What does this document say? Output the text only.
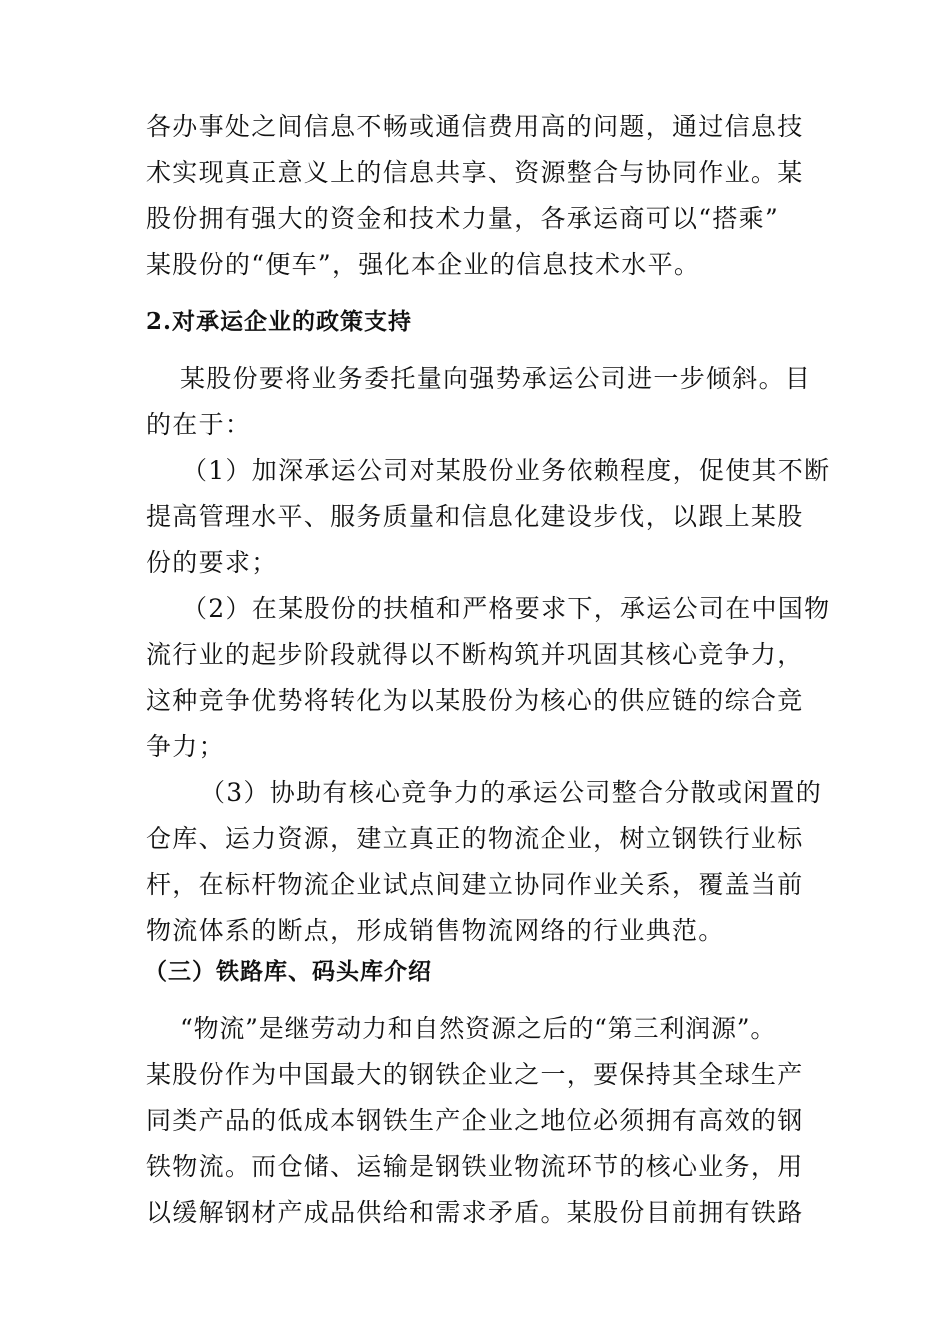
各办事处之间信息不畅或通信费用高的问题，通过信息技
术实现真正意义上的信息共享、资源整合与协同作业。某
股份拥有强大的资金和技术力量，各承运商可以“搭乘”
某股份的“便车”，强化本企业的信息技术水平。
2.对承运企业的政策支持
某股份要将业务委托量向强势承运公司进一步倾斜。目
的在于：
（1）加深承运公司对某股份业务依赖程度，促使其不断
提高管理水平、服务质量和信息化建设步伐，以跟上某股
份的要求；
（2）在某股份的扶植和严格要求下，承运公司在中国物
流行业的起步阶段就得以不断构筑并巩固其核心竞争力，
这种竞争优势将转化为以某股份为核心的供应链的综合竞
争力；
（3）协助有核心竞争力的承运公司整合分散或闲置的
仓库、运力资源，建立真正的物流企业，树立钢铁行业标
杆，在标杆物流企业试点间建立协同作业关系，覆盖当前
物流体系的断点，形成销售物流网络的行业典范。
（三）铁路库、码头库介绍
“物流”是继劳动力和自然资源之后的“第三利润源”。
某股份作为中国最大的钢铁企业之一，要保持其全球生产
同类产品的低成本钢铁生产企业之地位必须拥有高效的钢
铁物流。而仓储、运输是钢铁业物流环节的核心业务，用
以缓解钢材产成品供给和需求矛盾。某股份目前拥有铁路
